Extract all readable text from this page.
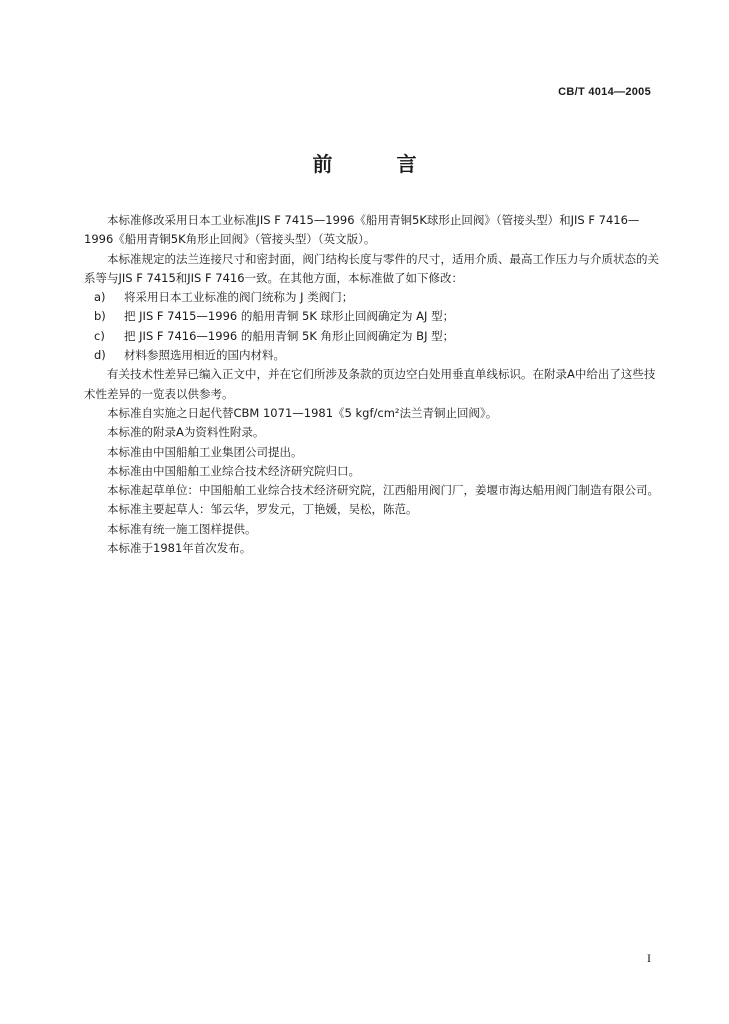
CB/T 4014—2005
前　言

本标准修改采用日本工业标准JIS F 7415—1996《船用青铜5K球形止回阀》（管接头型）和JIS F 7416—1996《船用青铜5K角形止回阀》（管接头型）（英文版）。

本标准规定的法兰连接尺寸和密封面，阀门结构长度与零件的尺寸，适用介质、最高工作压力与介质状态的关系等与JIS F 7415和JIS F 7416一致。在其他方面，本标准做了如下修改：

a) 将采用日本工业标准的阀门统称为 J 类阀门；
b) 把 JIS F 7415—1996 的船用青铜 5K 球形止回阀确定为 AJ 型；
c) 把 JIS F 7416—1996 的船用青铜 5K 角形止回阀确定为 BJ 型；
d) 材料参照选用相近的国内材料。

有关技术性差异已编入正文中，并在它们所涉及条款的页边空白处用垂直单线标识。在附录A中给出了这些技术性差异的一览表以供参考。

本标准自实施之日起代替CBM 1071—1981《5 kgf/cm²法兰青铜止回阀》。

本标准的附录A为资料性附录。

本标准由中国船舶工业集团公司提出。

本标准由中国船舶工业综合技术经济研究院归口。

本标准起草单位：中国船舶工业综合技术经济研究院，江西船用阀门厂，姜堰市海达船用阀门制造有限公司。

本标准主要起草人：邹云华，罗发元，丁艳媛，吴松，陈范。

本标准有统一施工图样提供。

本标准于1981年首次发布。

I
